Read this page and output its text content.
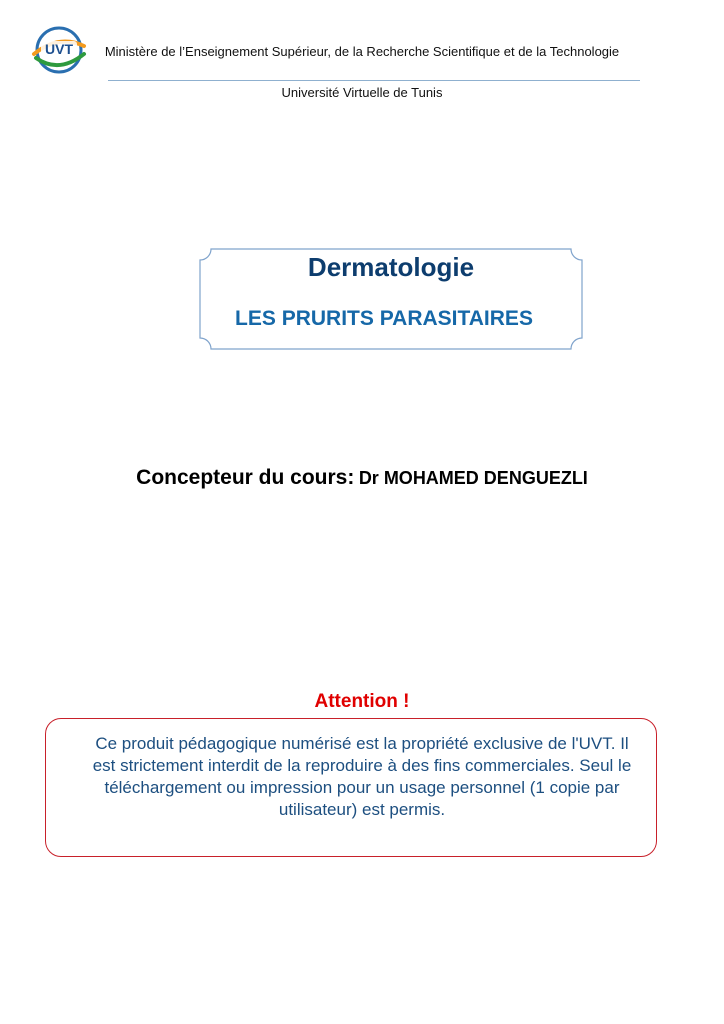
UVT Ministère de l’Enseignement Supérieur, de la Recherche Scientifique et de la Technologie
Université Virtuelle de Tunis
Dermatologie
LES PRURITS PARASITAIRES
Concepteur du cours: Dr MOHAMED DENGUEZLI
Attention !
Ce produit pédagogique numérisé est la propriété exclusive de l'UVT. Il est strictement interdit de la reproduire à des fins commerciales. Seul le téléchargement ou impression pour un usage personnel (1 copie par utilisateur) est permis.
